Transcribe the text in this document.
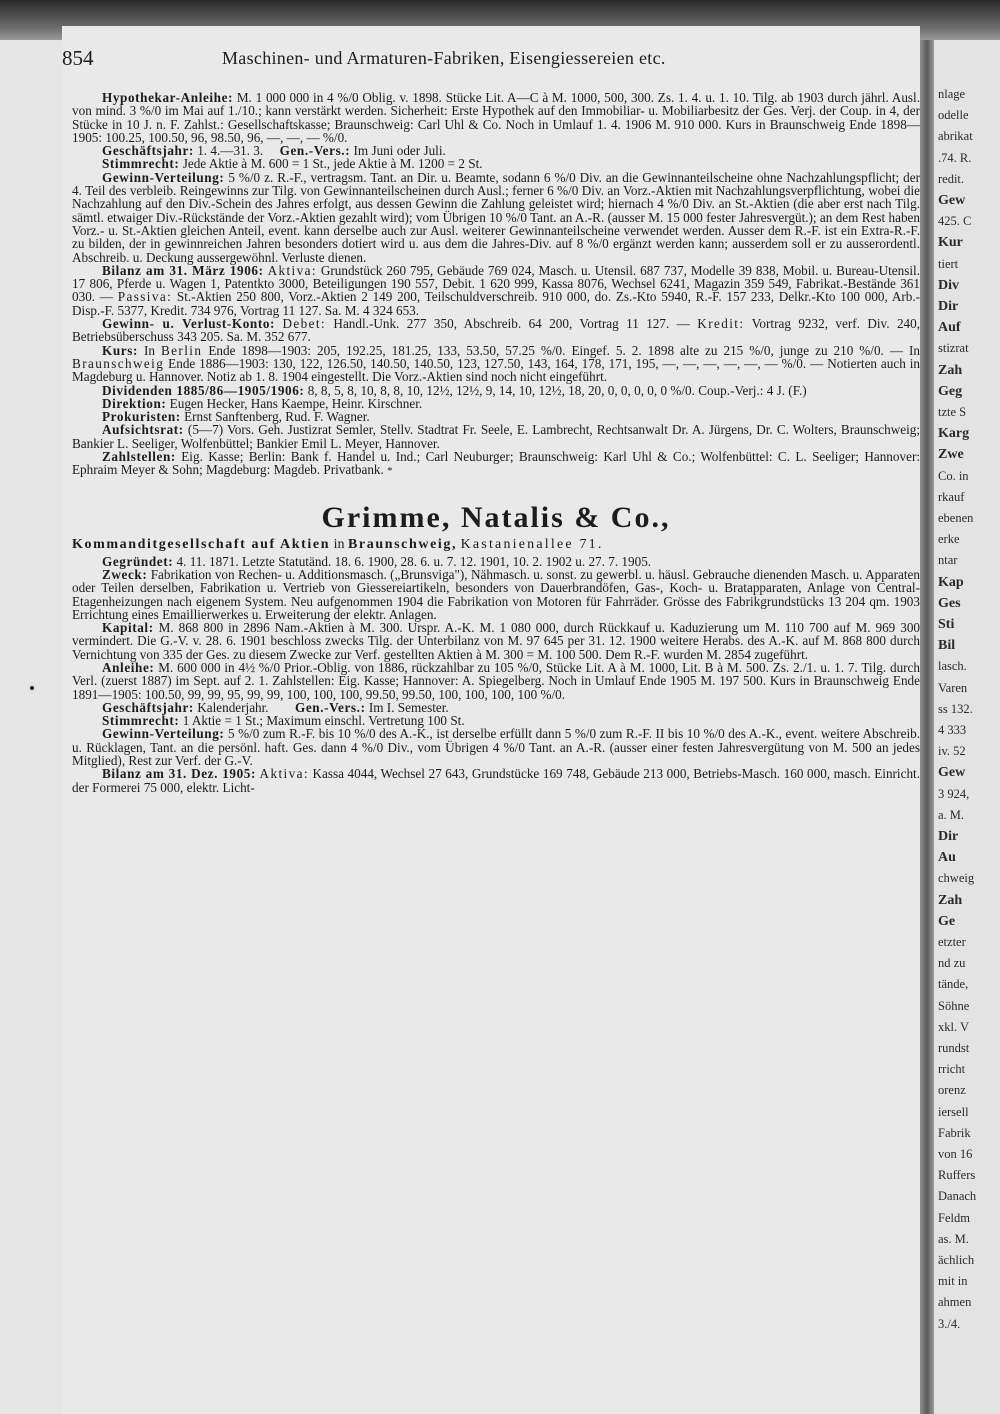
854	Maschinen- und Armaturen-Fabriken, Eisengiessereien etc.

Hypothekar-Anleihe: M. 1 000 000 in 4 %/0 Oblig. v. 1898. Stücke Lit. A—C à M. 1000, 500, 300. Zs. 1. 4. u. 1. 10. Tilg. ab 1903 durch jährl. Ausl. von mind. 3 %/0 im Mai auf 1./10.; kann verstärkt werden. Sicherheit: Erste Hypothek auf den Immobiliar- u. Mobiliarbesitz der Ges. Verj. der Coup. in 4, der Stücke in 10 J. n. F. Zahlst.: Gesellschaftskasse; Braunschweig: Carl Uhl & Co. Noch in Umlauf 1. 4. 1906 M. 910 000. Kurs in Braunschweig Ende 1898—1905: 100.25, 100.50, 96, 98.50, 96, —, —, — %/0.

Geschäftsjahr: 1. 4.—31. 3. Gen.-Vers.: Im Juni oder Juli.

Stimmrecht: Jede Aktie à M. 600 = 1 St., jede Aktie à M. 1200 = 2 St.

Gewinn-Verteilung: 5 %/0 z. R.-F., vertragsm. Tant. an Dir. u. Beamte, sodann 6 %/0 Div. an die Gewinnanteilscheine ohne Nachzahlungspflicht; der 4. Teil des verbleib. Reingewinns zur Tilg. von Gewinnanteilscheinen durch Ausl.; ferner 6 %/0 Div. an Vorz.-Aktien mit Nachzahlungsverpflichtung, wobei die Nachzahlung auf den Div.-Schein des Jahres erfolgt, aus dessen Gewinn die Zahlung geleistet wird; hiernach 4 %/0 Div. an St.-Aktien (die aber erst nach Tilg. sämtl. etwaiger Div.-Rückstände der Vorz.-Aktien gezahlt wird); vom Übrigen 10 %/0 Tant. an A.-R. (ausser M. 15 000 fester Jahresvergüt.); an dem Rest haben Vorz.- u. St.-Aktien gleichen Anteil, event. kann derselbe auch zur Ausl. weiterer Gewinnanteilscheine verwendet werden. Ausser dem R.-F. ist ein Extra-R.-F. zu bilden, der in gewinnreichen Jahren besonders dotiert wird u. aus dem die Jahres-Div. auf 8 %/0 ergänzt werden kann; ausserdem soll er zu ausserordentl. Abschreib. u. Deckung aussergewöhnl. Verluste dienen.

Bilanz am 31. März 1906: Aktiva: Grundstück 260 795, Gebäude 769 024, Masch. u. Utensil. 687 737, Modelle 39 838, Mobil. u. Bureau-Utensil. 17 806, Pferde u. Wagen 1, Patentkto 3000, Beteiligungen 190 557, Debit. 1 620 999, Kassa 8076, Wechsel 6241, Magazin 359 549, Fabrikat.-Bestände 361 030. — Passiva: St.-Aktien 250 800, Vorz.-Aktien 2 149 200, Teilschuldverschreib. 910 000, do. Zs.-Kto 5940, R.-F. 157 233, Delkr.-Kto 100 000, Arb.-Disp.-F. 5377, Kredit. 734 976, Vortrag 11 127. Sa. M. 4 324 653.

Gewinn- u. Verlust-Konto: Debet: Handl.-Unk. 277 350, Abschreib. 64 200, Vortrag 11 127. — Kredit: Vortrag 9232, verf. Div. 240, Betriebsüberschuss 343 205. Sa. M. 352 677.

Kurs: In Berlin Ende 1898—1903: 205, 192.25, 181.25, 133, 53.50, 57.25 %/0. Eingef. 5. 2. 1898 alte zu 215 %/0, junge zu 210 %/0. — In Braunschweig Ende 1886—1903: 130, 122, 126.50, 140.50, 140.50, 123, 127.50, 143, 164, 178, 171, 195, —, —, —, —, —, — %/0. — Notierten auch in Magdeburg u. Hannover. Notiz ab 1. 8. 1904 eingestellt. Die Vorz.-Aktien sind noch nicht eingeführt.

Dividenden 1885/86—1905/1906: 8, 8, 5, 8, 10, 8, 8, 10, 12½, 12½, 9, 14, 10, 12½, 18, 20, 0, 0, 0, 0, 0 %/0. Coup.-Verj.: 4 J. (F.)

Direktion: Eugen Hecker, Hans Kaempe, Heinr. Kirschner.

Prokuristen: Ernst Sanftenberg, Rud. F. Wagner.

Aufsichtsrat: (5—7) Vors. Geh. Justizrat Semler, Stellv. Stadtrat Fr. Seele, E. Lambrecht, Rechtsanwalt Dr. A. Jürgens, Dr. C. Wolters, Braunschweig; Bankier L. Seeliger, Wolfenbüttel; Bankier Emil L. Meyer, Hannover.

Zahlstellen: Eig. Kasse; Berlin: Bank f. Handel u. Ind.; Carl Neuburger; Braunschweig: Karl Uhl & Co.; Wolfenbüttel: C. L. Seeliger; Hannover: Ephraim Meyer & Sohn; Magdeburg: Magdeb. Privatbank. *

Grimme, Natalis & Co.,
Kommanditgesellschaft auf Aktien in Braunschweig, Kastanienallee 71.

Gegründet: 4. 11. 1871. Letzte Statutänd. 18. 6. 1900, 28. 6. u. 7. 12. 1901, 10. 2. 1902 u. 27. 7. 1905.

Zweck: Fabrikation von Rechen- u. Additionsmasch. („Brunsviga"), Nähmasch. u. sonst. zu gewerbl. u. häusl. Gebrauche dienenden Masch. u. Apparaten oder Teilen derselben, Fabrikation u. Vertrieb von Giessereiartikeln, besonders von Dauerbrandöfen, Gas-, Koch- u. Bratapparaten, Anlage von Central-Etagenheizungen nach eigenem System. Neu aufgenommen 1904 die Fabrikation von Motoren für Fahrräder. Grösse des Fabrikgrundstücks 13 204 qm. 1903 Errichtung eines Emaillierwerkes u. Erweiterung der elektr. Anlagen.

Kapital: M. 868 800 in 2896 Nam.-Aktien à M. 300. Urspr. A.-K. M. 1 080 000, durch Rückkauf u. Kaduzierung um M. 110 700 auf M. 969 300 vermindert. Die G.-V. v. 28. 6. 1901 beschloss zwecks Tilg. der Unterbilanz von M. 97 645 per 31. 12. 1900 weitere Herabs. des A.-K. auf M. 868 800 durch Vernichtung von 335 der Ges. zu diesem Zwecke zur Verf. gestellten Aktien à M. 300 = M. 100 500. Dem R.-F. wurden M. 2854 zugeführt.

Anleihe: M. 600 000 in 4½ %/0 Prior.-Oblig. von 1886, rückzahlbar zu 105 %/0, Stücke Lit. A à M. 1000, Lit. B à M. 500. Zs. 2./1. u. 1. 7. Tilg. durch Verl. (zuerst 1887) im Sept. auf 2. 1. Zahlstellen: Eig. Kasse; Hannover: A. Spiegelberg. Noch in Umlauf Ende 1905 M. 197 500. Kurs in Braunschweig Ende 1891—1905: 100.50, 99, 99, 95, 99, 99, 100, 100, 100, 99.50, 99.50, 100, 100, 100, 100 %/0.

Geschäftsjahr: Kalenderjahr. Gen.-Vers.: Im I. Semester.

Stimmrecht: 1 Aktie = 1 St.; Maximum einschl. Vertretung 100 St.

Gewinn-Verteilung: 5 %/0 zum R.-F. bis 10 %/0 des A.-K., ist derselbe erfüllt dann 5 %/0 zum R.-F. II bis 10 %/0 des A.-K., event. weitere Abschreib. u. Rücklagen, Tant. an die persönl. haft. Ges. dann 4 %/0 Div., vom Übrigen 4 %/0 Tant. an A.-R. (ausser einer festen Jahresvergütung von M. 500 an jedes Mitglied), Rest zur Verf. der G.-V.

Bilanz am 31. Dez. 1905: Aktiva: Kassa 4044, Wechsel 27 643, Grundstücke 169 748, Gebäude 213 000, Betriebs-Masch. 160 000, masch. Einricht. der Formerei 75 000, elektr. Licht-

nlage
odelle
abrikat
.74. R.
redit.
Gew
425. C
Kur
tiert
Div
Dir
Auf
stizrat
Zah
Geg
tzte S
Karg
Zwe
Co. in
rkauf
ebenen
erke
ntar
Kap
Ges
Sti
Bil
lasch.
Varen
ss 132.
4 333
iv. 52
Gew
3 924,
a. M.
Dir
Au
chweig
Zah
Ge
etzter
nd zu
tände,
Söhne
xkl. V
rundst
rricht
orenz
iersell
Fabrik
von 16
Ruffers
Danach
Feldm
as. M.
ächlich
mit in
ahmen
3./4.
